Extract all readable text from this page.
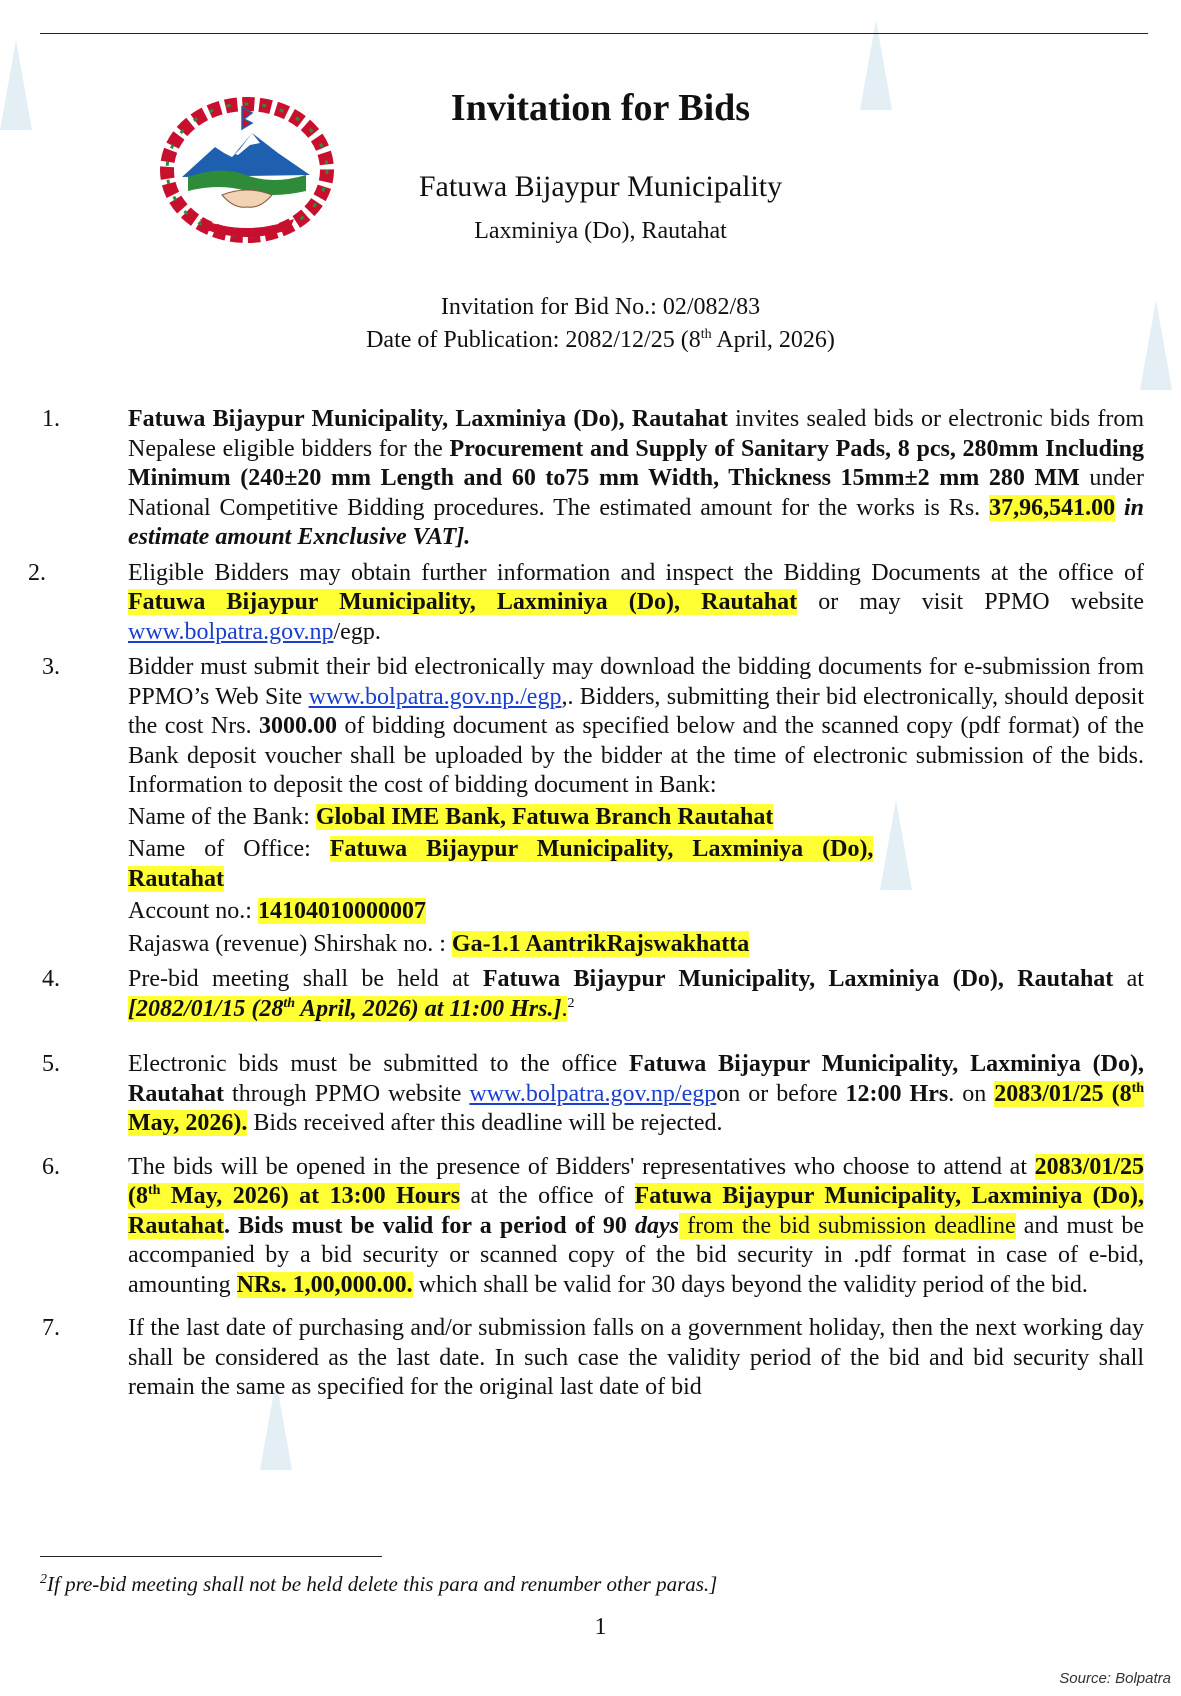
Invitation for Bids
Fatuwa Bijaypur Municipality
Laxminiya (Do), Rautahat
Invitation for Bid No.: 02/082/83
Date of Publication: 2082/12/25 (8th April, 2026)
1.	Fatuwa Bijaypur Municipality, Laxminiya (Do), Rautahat invites sealed bids or electronic bids from Nepalese eligible bidders for the Procurement and Supply of Sanitary Pads, 8 pcs, 280mm Including Minimum (240±20 mm Length and 60 to75 mm Width, Thickness 15mm±2 mm 280 MM under National Competitive Bidding procedures. The estimated amount for the works is Rs. 37,96,541.00 in estimate amount Exnclusive VAT].
2.	Eligible Bidders may obtain further information and inspect the Bidding Documents at the office of Fatuwa Bijaypur Municipality, Laxminiya (Do), Rautahat or may visit PPMO website www.bolpatra.gov.np/egp.
3.	Bidder must submit their bid electronically may download the bidding documents for e-submission from PPMO’s Web Site www.bolpatra.gov.np./egp,. Bidders, submitting their bid electronically, should deposit the cost Nrs. 3000.00 of bidding document as specified below and the scanned copy (pdf format) of the Bank deposit voucher shall be uploaded by the bidder at the time of electronic submission of the bids. Information to deposit the cost of bidding document in Bank:

Name of the Bank: Global IME Bank, Fatuwa Branch Rautahat

Name of Office: Fatuwa Bijaypur Municipality, Laxminiya (Do),

Rautahat

Account no.: 14104010000007

Rajaswa (revenue) Shirshak no. : Ga-1.1 AantrikRajswakhatta

4.	Pre-bid meeting shall be held at Fatuwa Bijaypur Municipality, Laxminiya (Do), Rautahat at [2082/01/15 (28th April, 2026) at 11:00 Hrs.].$^2$
5.	Electronic bids must be submitted to the office Fatuwa Bijaypur Municipality, Laxminiya (Do), Rautahat through PPMO website www.bolpatra.gov.np/egpon or before 12:00 Hrs. on 2083/01/25 (8th May, 2026). Bids received after this deadline will be rejected.
6.	The bids will be opened in the presence of Bidders' representatives who choose to attend at 2083/01/25 (8th May, 2026) at 13:00 Hours at the office of Fatuwa Bijaypur Municipality, Laxminiya (Do), Rautahat. Bids must be valid for a period of 90 days from the bid submission deadline and must be accompanied by a bid security or scanned copy of the bid security in .pdf format in case of e-bid, amounting NRs. 1,00,000.00. which shall be valid for 30 days beyond the validity period of the bid.
7.	If the last date of purchasing and/or submission falls on a government holiday, then the next working day shall be considered as the last date. In such case the validity period of the bid and bid security shall remain the same as specified for the original last date of bid
$^2$If pre-bid meeting shall not be held delete this para and renumber other paras.]
1
Source: Bolpatra
